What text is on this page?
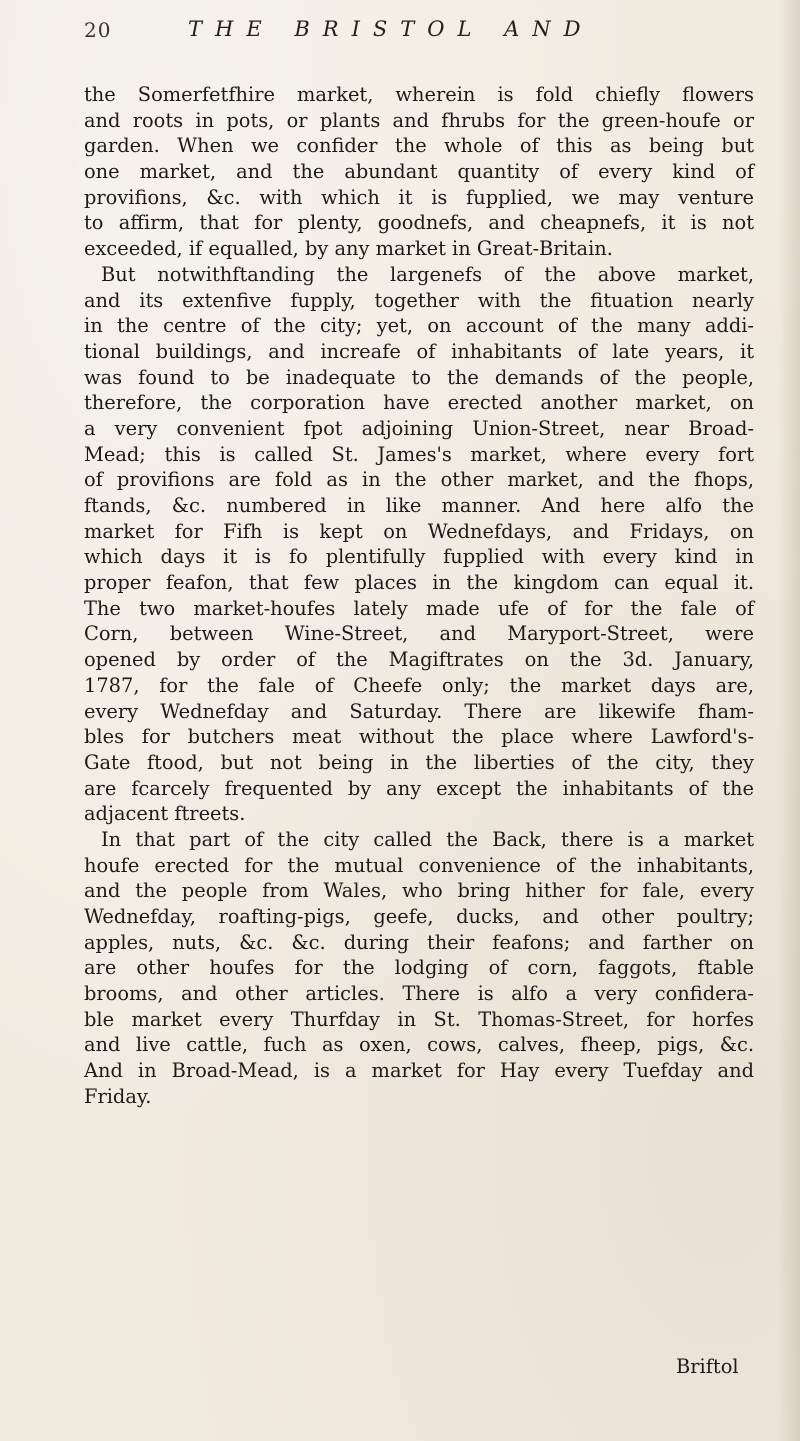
20	THE BRISTOL AND
the Somerfetfhire market, wherein is fold chiefly flowers
and roots in pots, or plants and fhrubs for the green-houfe or
garden. When we confider the whole of this as being but
one market, and the abundant quantity of every kind of
provifions, &c. with which it is fupplied, we may venture
to affirm, that for plenty, goodnefs, and cheapnefs, it is not
exceeded, if equalled, by any market in Great-Britain.
But notwithftanding the largenefs of the above market,
and its extenfive fupply, together with the fituation nearly
in the centre of the city; yet, on account of the many addi-
tional buildings, and increafe of inhabitants of late years, it
was found to be inadequate to the demands of the people,
therefore, the corporation have erected another market, on
a very convenient fpot adjoining Union-Street, near Broad-
Mead; this is called St. James's market, where every fort
of provifions are fold as in the other market, and the fhops,
ftands, &c. numbered in like manner. And here alfo the
market for Fifh is kept on Wednefdays, and Fridays, on
which days it is fo plentifully fupplied with every kind in
proper feafon, that few places in the kingdom can equal it.
The two market-houfes lately made ufe of for the fale of
Corn, between Wine-Street, and Maryport-Street, were
opened by order of the Magiftrates on the 3d. January,
1787, for the fale of Cheefe only; the market days are,
every Wednefday and Saturday. There are likewife fham-
bles for butchers meat without the place where Lawford's-
Gate ftood, but not being in the liberties of the city, they
are fcarcely frequented by any except the inhabitants of the
adjacent ftreets.
In that part of the city called the Back, there is a market
houfe erected for the mutual convenience of the inhabitants,
and the people from Wales, who bring hither for fale, every
Wednefday, roafting-pigs, geefe, ducks, and other poultry;
apples, nuts, &c. &c. during their feafons; and farther on
are other houfes for the lodging of corn, faggots, ftable
brooms, and other articles. There is alfo a very confidera-
ble market every Thurfday in St. Thomas-Street, for horfes
and live cattle, fuch as oxen, cows, calves, fheep, pigs, &c.
And in Broad-Mead, is a market for Hay every Tuefday and
Friday.
Briftol
